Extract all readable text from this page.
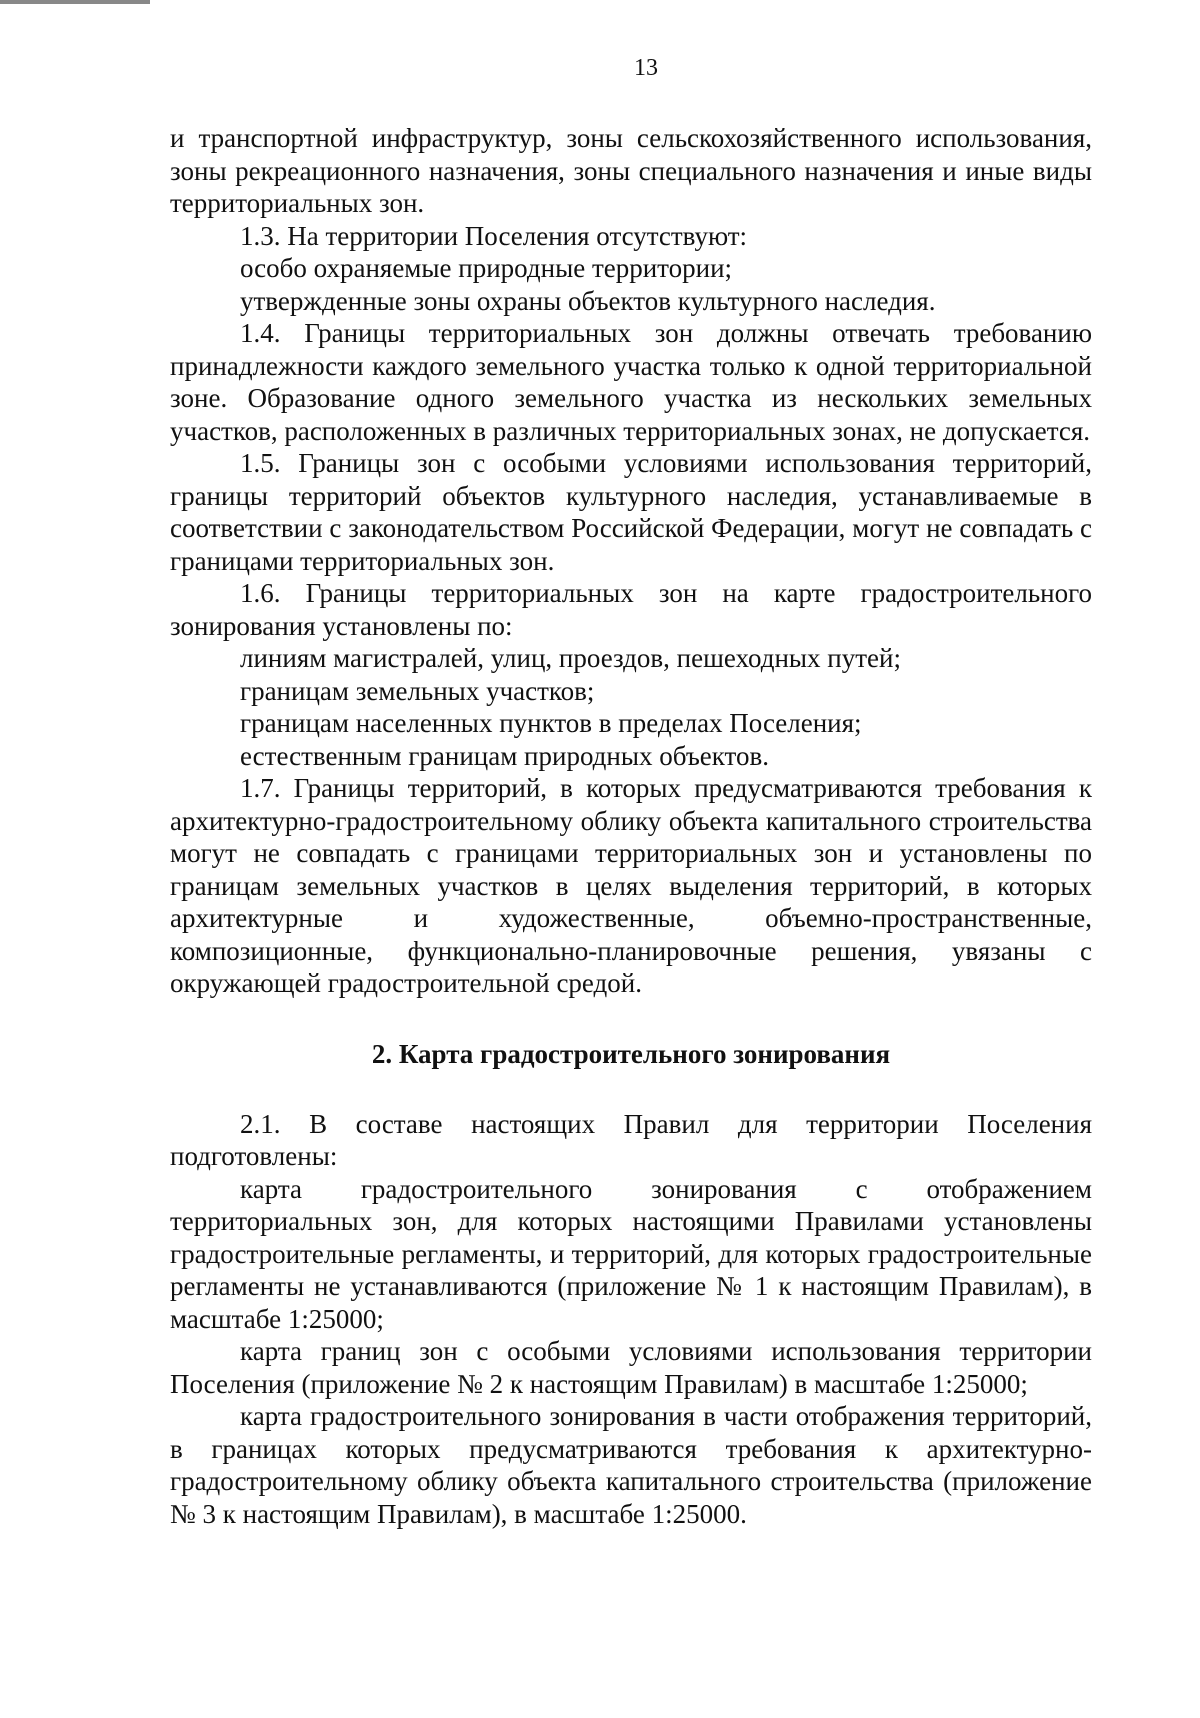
13

и транспортной инфраструктур, зоны сельскохозяйственного использования, зоны рекреационного назначения, зоны специального назначения и иные виды территориальных зон.

1.3. На территории Поселения отсутствуют:

особо охраняемые природные территории;

утвержденные зоны охраны объектов культурного наследия.

1.4. Границы территориальных зон должны отвечать требованию принадлежности каждого земельного участка только к одной территориальной зоне. Образование одного земельного участка из нескольких земельных участков, расположенных в различных территориальных зонах, не допускается.

1.5. Границы зон с особыми условиями использования территорий, границы территорий объектов культурного наследия, устанавливаемые в соответствии с законодательством Российской Федерации, могут не совпадать с границами территориальных зон.

1.6. Границы территориальных зон на карте градостроительного зонирования установлены по:

линиям магистралей, улиц, проездов, пешеходных путей;

границам земельных участков;

границам населенных пунктов в пределах Поселения;

естественным границам природных объектов.

1.7. Границы территорий, в которых предусматриваются требования к архитектурно-градостроительному облику объекта капитального строительства могут не совпадать с границами территориальных зон и установлены по границам земельных участков в целях выделения территорий, в которых архитектурные и художественные, объемно-пространственные, композиционные, функционально-планировочные решения, увязаны с окружающей градостроительной средой.

2. Карта градостроительного зонирования

2.1. В составе настоящих Правил для территории Поселения подготовлены:

карта градостроительного зонирования с отображением территориальных зон, для которых настоящими Правилами установлены градостроительные регламенты, и территорий, для которых градостроительные регламенты не устанавливаются (приложение № 1 к настоящим Правилам), в масштабе 1:25000;

карта границ зон с особыми условиями использования территории Поселения (приложение № 2 к настоящим Правилам) в масштабе 1:25000;

карта градостроительного зонирования в части отображения территорий, в границах которых предусматриваются требования к архитектурно-градостроительному облику объекта капитального строительства (приложение № 3 к настоящим Правилам), в масштабе 1:25000.
